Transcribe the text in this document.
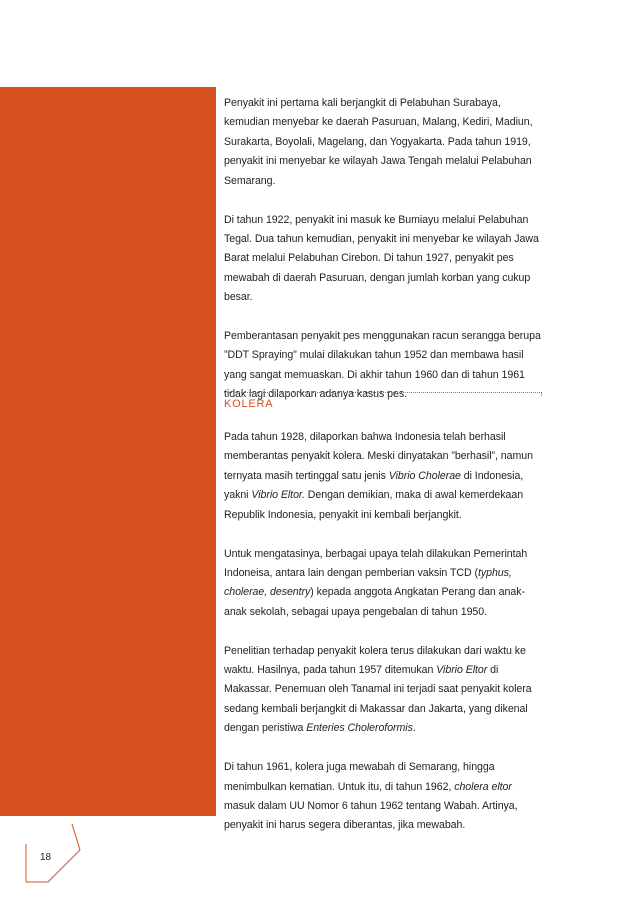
Penyakit ini pertama kali berjangkit di Pelabuhan Surabaya, kemudian menyebar ke daerah Pasuruan, Malang, Kediri, Madiun, Surakarta, Boyolali, Magelang, dan Yogyakarta. Pada tahun 1919, penyakit ini menyebar ke wilayah Jawa Tengah melalui Pelabuhan Semarang.

Di tahun 1922, penyakit ini masuk ke Bumiayu melalui Pelabuhan Tegal. Dua tahun kemudian, penyakit ini menyebar ke wilayah Jawa Barat melalui Pelabuhan Cirebon. Di tahun 1927, penyakit pes mewabah di daerah Pasuruan, dengan jumlah korban yang cukup besar.

Pemberantasan penyakit pes menggunakan racun serangga berupa ”DDT Spraying” mulai dilakukan tahun 1952 dan membawa hasil yang sangat memuaskan. Di akhir tahun 1960 dan di tahun 1961 tidak lagi dilaporkan adanya kasus pes.

KOLERA

Pada tahun 1928, dilaporkan bahwa Indonesia telah berhasil memberantas penyakit kolera. Meski dinyatakan ”berhasil”, namun ternyata masih tertinggal satu jenis Vibrio Cholerae di Indonesia, yakni Vibrio Eltor. Dengan demikian, maka di awal kemerdekaan Republik Indonesia, penyakit ini kembali berjangkit.

Untuk mengatasinya, berbagai upaya telah dilakukan Pemerintah Indoneisa, antara lain dengan pemberian vaksin TCD (typhus, cholerae, desentry) kepada anggota Angkatan Perang dan anak-anak sekolah, sebagai upaya pengebalan di tahun 1950.

Penelitian terhadap penyakit kolera terus dilakukan dari waktu ke waktu. Hasilnya, pada tahun 1957 ditemukan Vibrio Eltor di Makassar. Penemuan oleh Tanamal ini terjadi saat penyakit kolera sedang kembali berjangkit di Makassar dan Jakarta, yang dikenal dengan peristiwa Enteries Choleroformis.

Di tahun 1961, kolera juga mewabah di Semarang, hingga menimbulkan kematian. Untuk itu, di tahun 1962, cholera eltor masuk dalam UU Nomor 6 tahun 1962 tentang Wabah. Artinya, penyakit ini harus segera diberantas, jika mewabah.

18
